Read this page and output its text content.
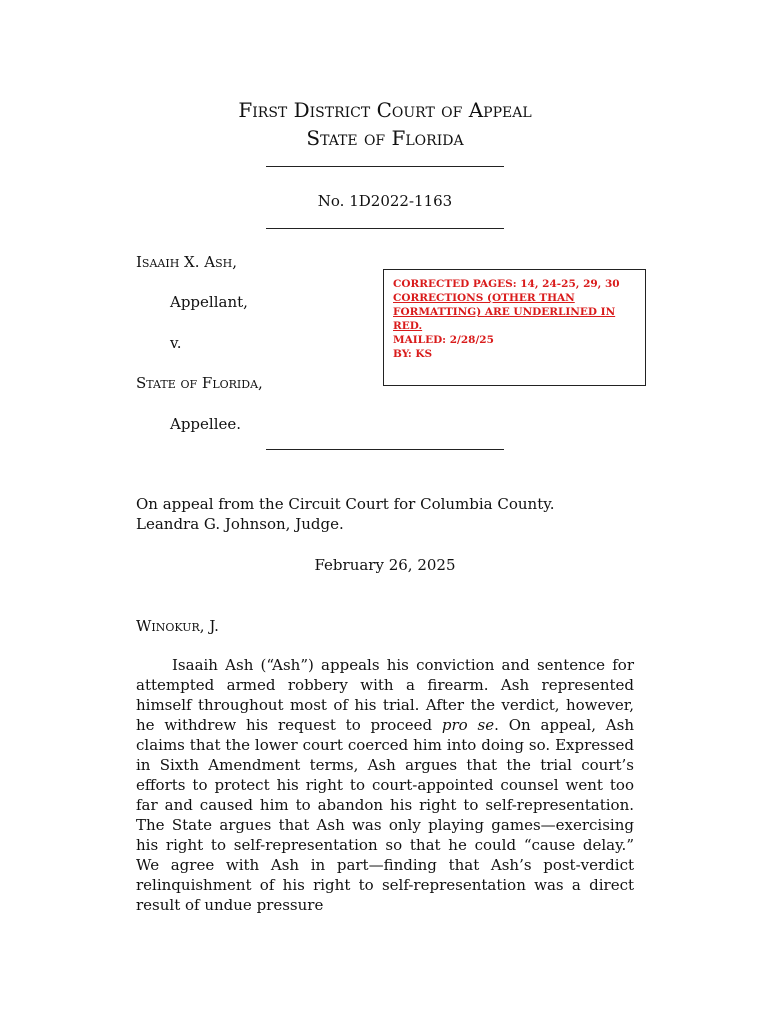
First District Court of Appeal
State of Florida
No. 1D2022-1163
Isaaih X. Ash,
Appellant,
v.
State of Florida,
Appellee.
CORRECTED PAGES: 14, 24-25, 29, 30
CORRECTIONS (OTHER THAN
FORMATTING) ARE UNDERLINED IN
RED.
MAILED: 2/28/25
BY: KS
On appeal from the Circuit Court for Columbia County.
Leandra G. Johnson, Judge.
February 26, 2025
Winokur, J.

Isaaih Ash (“Ash”) appeals his conviction and sentence for attempted armed robbery with a firearm. Ash represented himself throughout most of his trial. After the verdict, however, he withdrew his request to proceed pro se. On appeal, Ash claims that the lower court coerced him into doing so. Expressed in Sixth Amendment terms, Ash argues that the trial court’s efforts to protect his right to court-appointed counsel went too far and caused him to abandon his right to self-representation. The State argues that Ash was only playing games—exercising his right to self-representation so that he could “cause delay.” We agree with Ash in part—finding that Ash’s post-verdict relinquishment of his right to self-representation was a direct result of undue pressure
